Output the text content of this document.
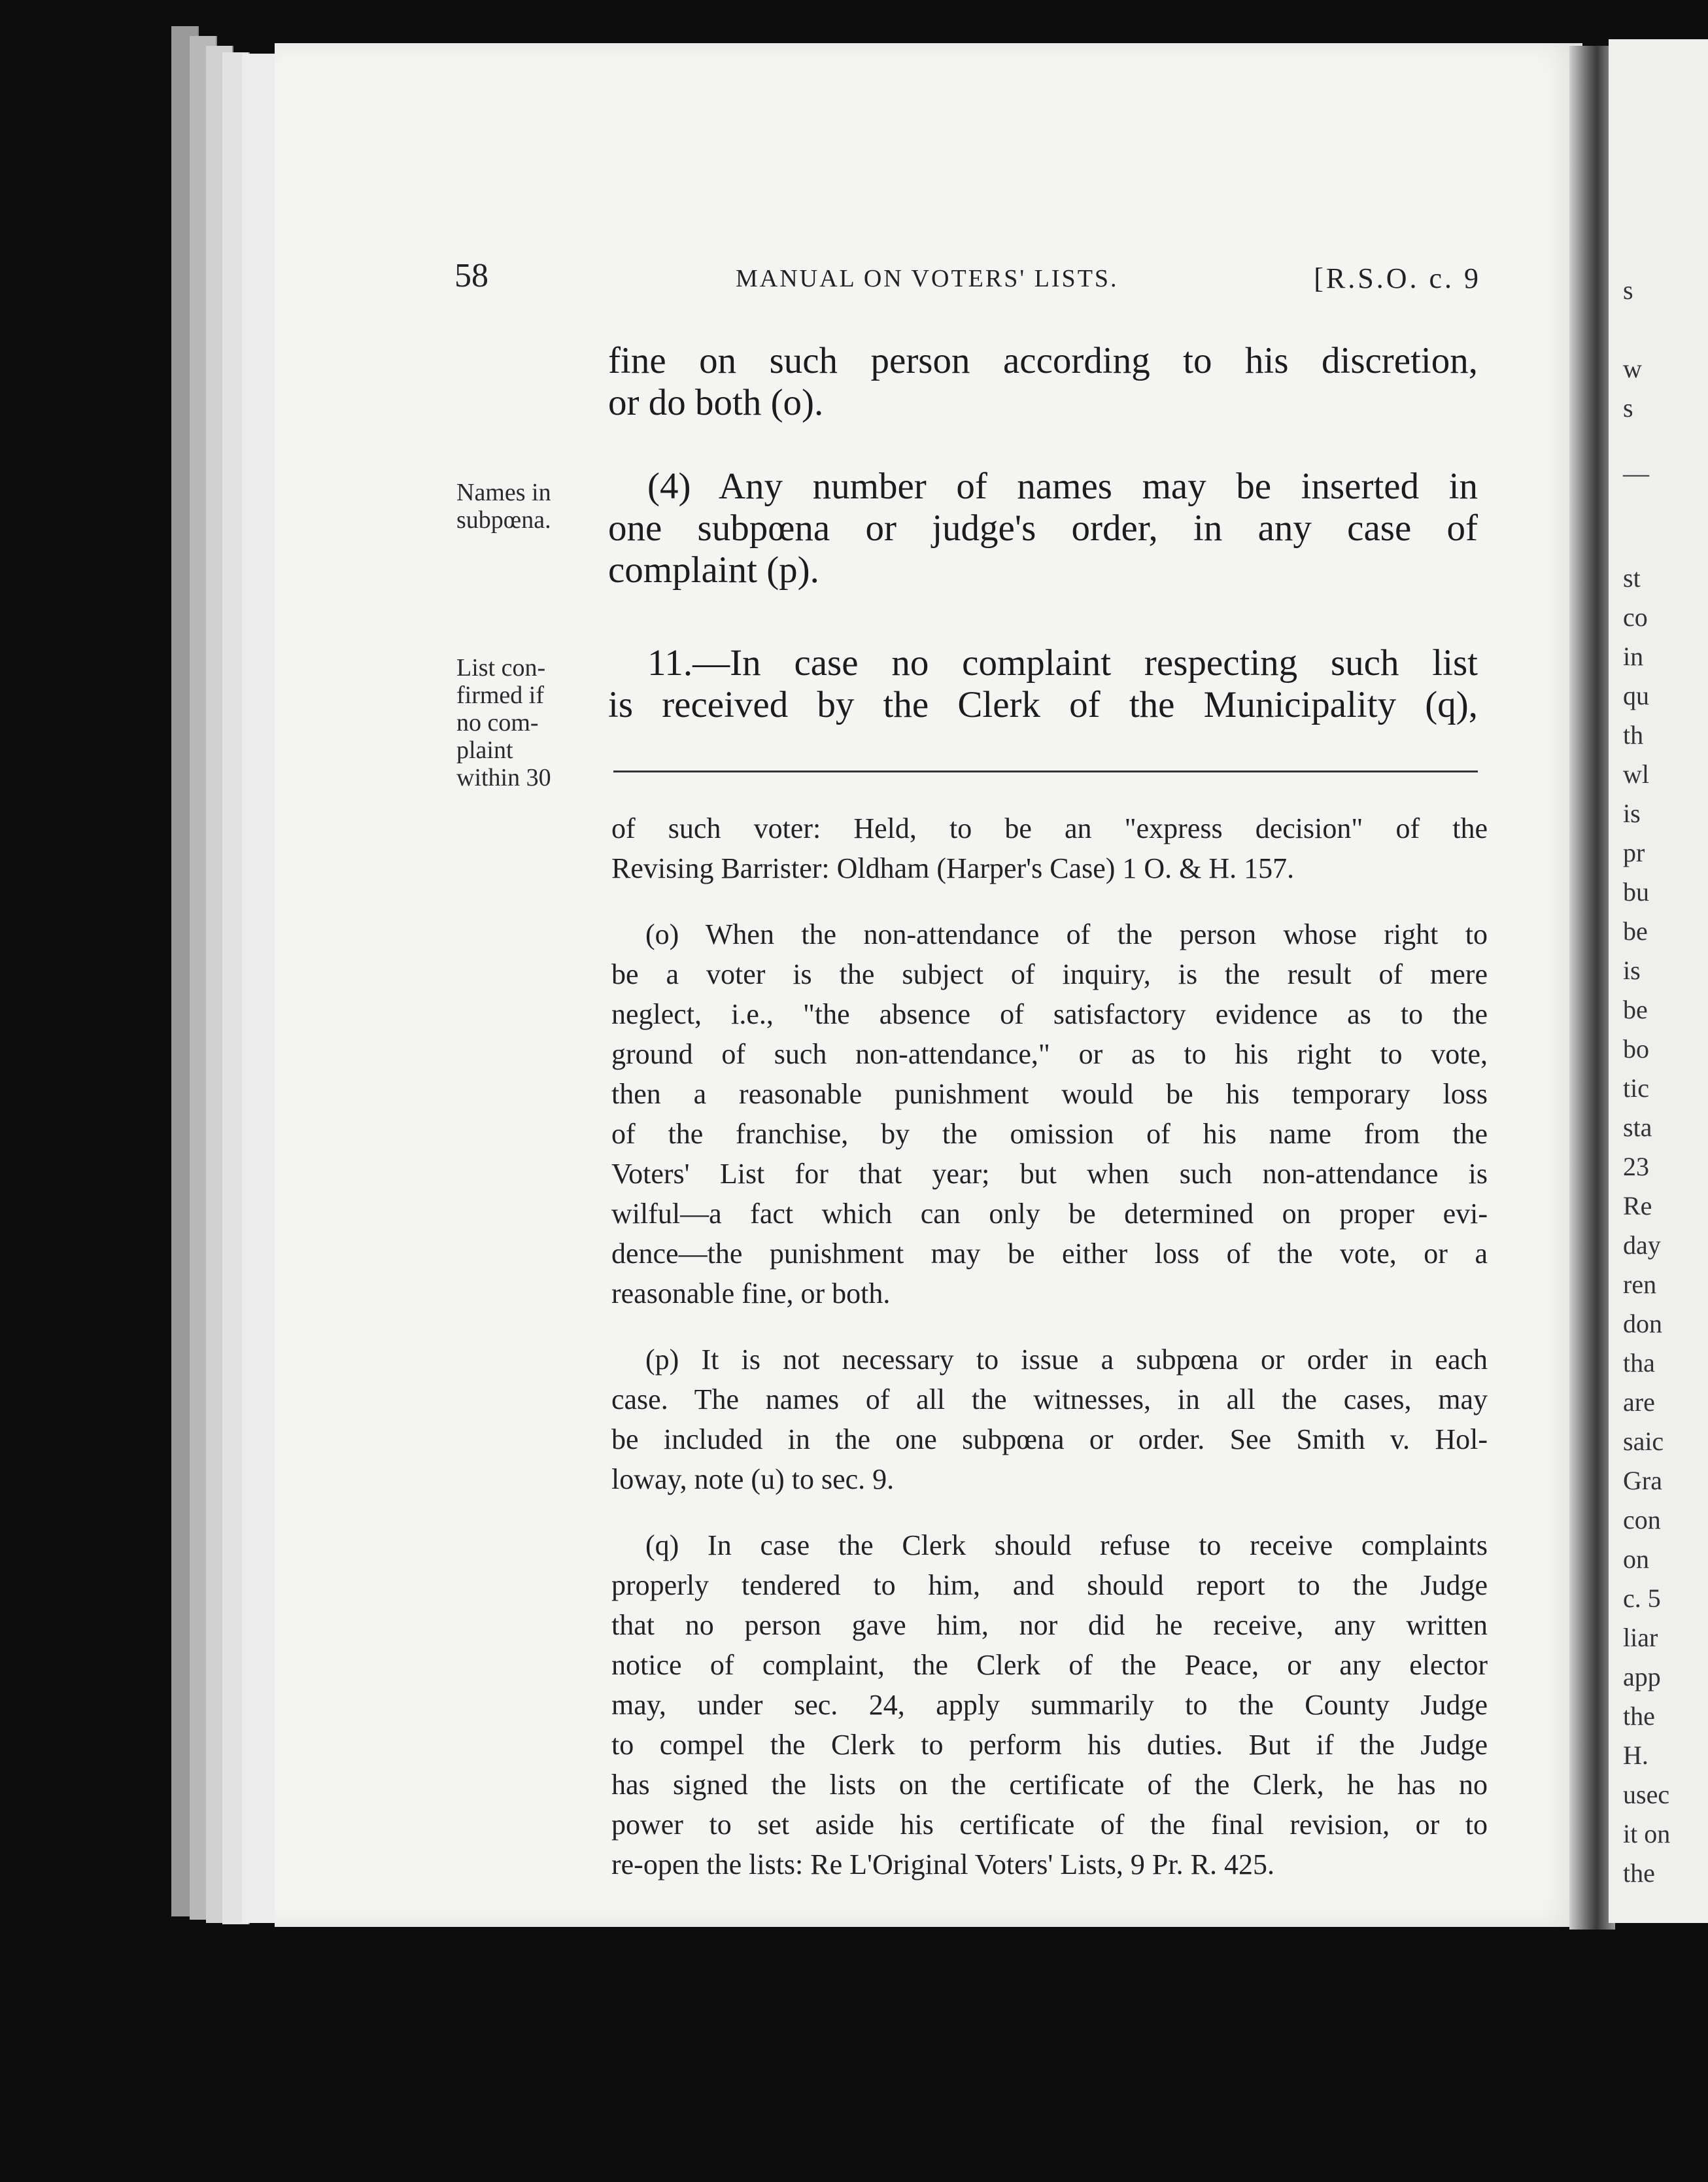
s
w
s
—
st
co
in
qu
th
wl
is
pr
bu
be
is
be
bo
tic
sta
23
Re
day
ren
don
tha
are
saic
Gra
con
on
c. 5
liar
app
the
H.
usec
it on
the
58	MANUAL ON VOTERS' LISTS.	[R.S.O. c. 9
fine on such person according to his discretion,
or do both (o).
(4) Any number of names may be inserted in
one subpœna or judge's order, in any case of
complaint (p).
11.—In case no complaint respecting such list
is received by the Clerk of the Municipality (q),
Names in
subpœna.
List con-
firmed if
no com-
plaint
within 30
of such voter: Held, to be an "express decision" of the
Revising Barrister: Oldham (Harper's Case) 1 O. & H. 157.
(o) When the non-attendance of the person whose right to
be a voter is the subject of inquiry, is the result of mere
neglect, i.e., "the absence of satisfactory evidence as to the
ground of such non-attendance," or as to his right to vote,
then a reasonable punishment would be his temporary loss
of the franchise, by the omission of his name from the
Voters' List for that year; but when such non-attendance is
wilful—a fact which can only be determined on proper evi-
dence—the punishment may be either loss of the vote, or a
reasonable fine, or both.
(p) It is not necessary to issue a subpœna or order in each
case. The names of all the witnesses, in all the cases, may
be included in the one subpœna or order. See Smith v. Hol-
loway, note (u) to sec. 9.
(q) In case the Clerk should refuse to receive complaints
properly tendered to him, and should report to the Judge
that no person gave him, nor did he receive, any written
notice of complaint, the Clerk of the Peace, or any elector
may, under sec. 24, apply summarily to the County Judge
to compel the Clerk to perform his duties. But if the Judge
has signed the lists on the certificate of the Clerk, he has no
power to set aside his certificate of the final revision, or to
re-open the lists: Re L'Original Voters' Lists, 9 Pr. R. 425.
